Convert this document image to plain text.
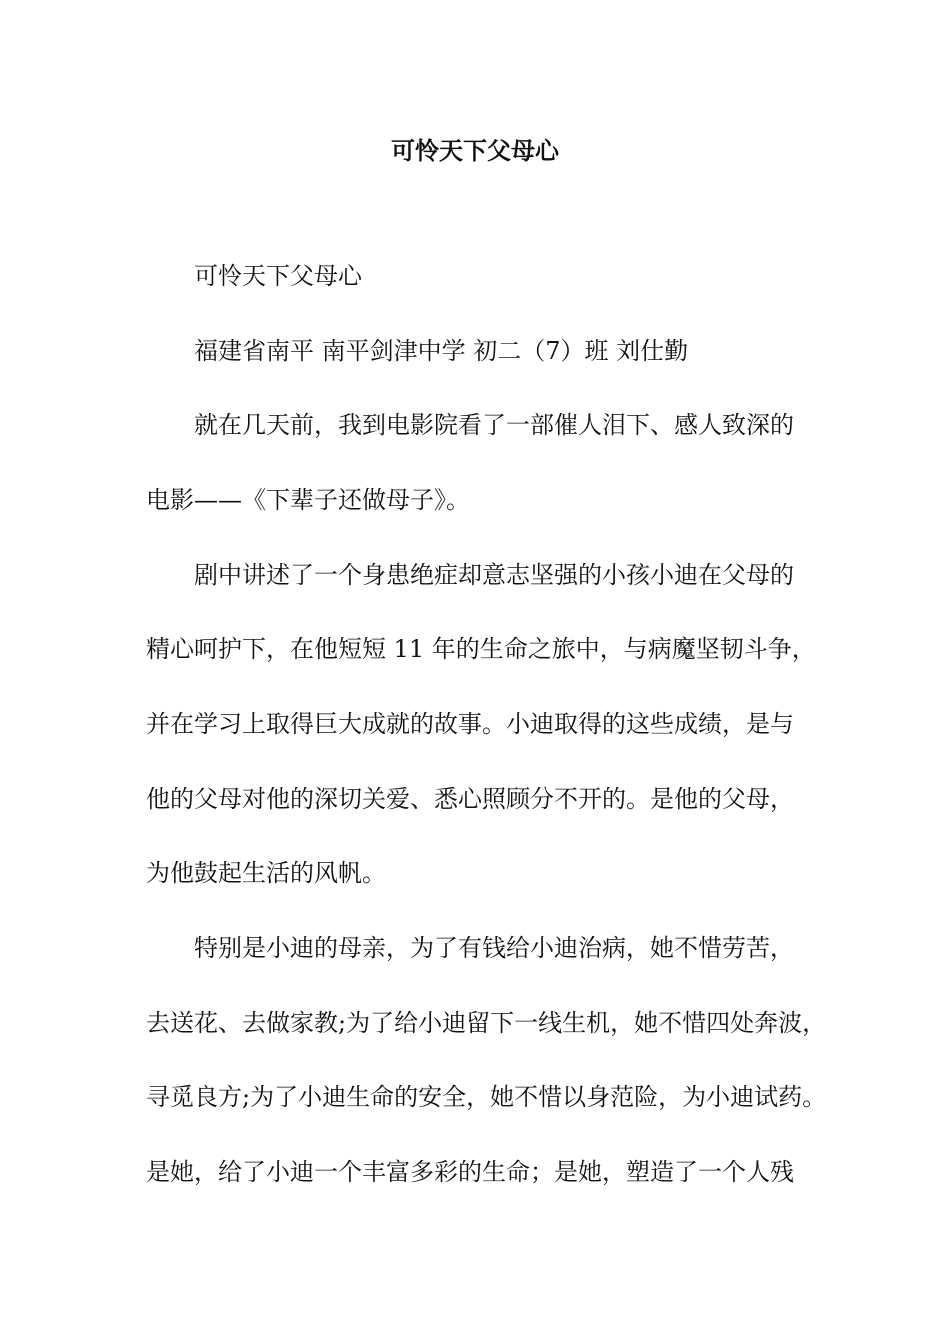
可怜天下父母心

可怜天下父母心

福建省南平 南平剑津中学 初二（7）班 刘仕勤

就在几天前，我到电影院看了一部催人泪下、感人致深的

电影——《下辈子还做母子》。

剧中讲述了一个身患绝症却意志坚强的小孩小迪在父母的

精心呵护下，在他短短 11 年的生命之旅中，与病魔坚韧斗争，

并在学习上取得巨大成就的故事。小迪取得的这些成绩，是与

他的父母对他的深切关爱、悉心照顾分不开的。是他的父母，

为他鼓起生活的风帆。

特别是小迪的母亲，为了有钱给小迪治病，她不惜劳苦，

去送花、去做家教;为了给小迪留下一线生机，她不惜四处奔波，

寻觅良方;为了小迪生命的安全，她不惜以身范险，为小迪试药。

是她，给了小迪一个丰富多彩的生命；是她，塑造了一个人残
